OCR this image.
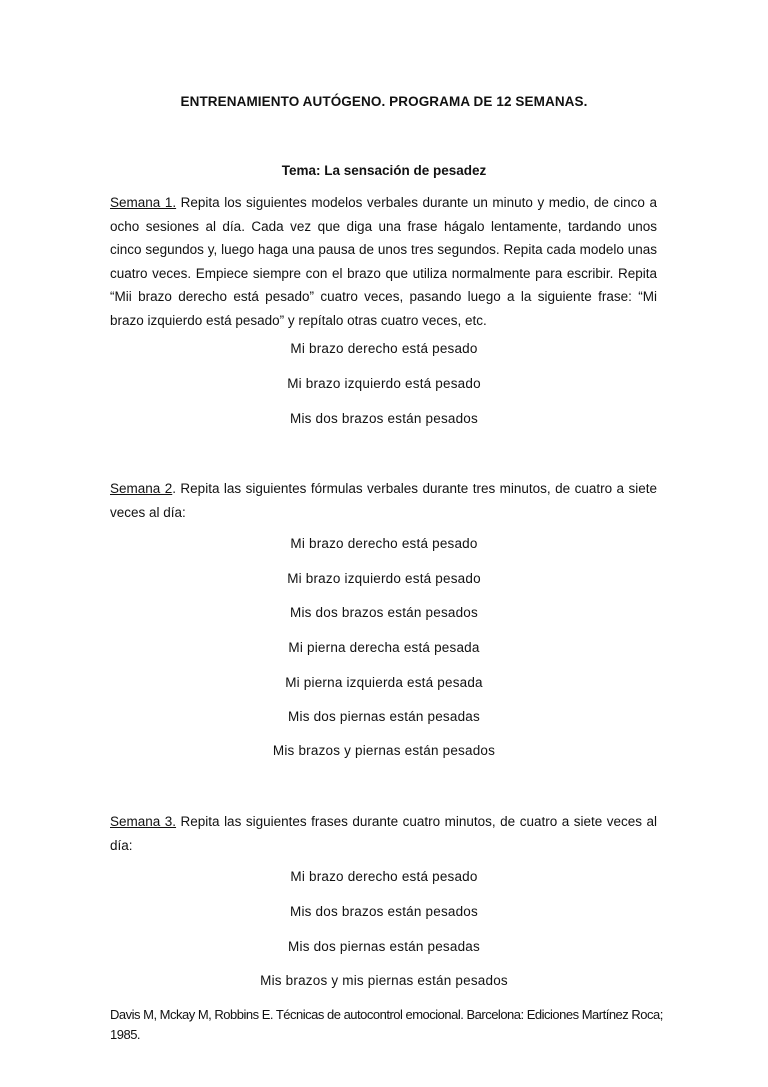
ENTRENAMIENTO AUTÓGENO. PROGRAMA DE 12 SEMANAS.
Tema: La sensación de pesadez
Semana 1. Repita los siguientes modelos verbales durante un minuto y medio, de cinco a ocho sesiones al día. Cada vez que diga una frase hágalo lentamente, tardando unos cinco segundos y, luego haga una pausa de unos tres segundos. Repita cada modelo unas cuatro veces. Empiece siempre con el brazo que utiliza normalmente para escribir. Repita “Mii brazo derecho está pesado” cuatro veces, pasando luego a la siguiente frase: “Mi brazo izquierdo está pesado” y repítalo otras cuatro veces, etc.
Mi brazo derecho está pesado
Mi brazo izquierdo está pesado
Mis dos brazos están pesados
Semana 2. Repita las siguientes fórmulas verbales durante tres minutos, de cuatro a siete veces al día:
Mi brazo derecho está pesado
Mi brazo izquierdo está pesado
Mis dos brazos están pesados
Mi pierna derecha está pesada
Mi pierna izquierda está pesada
Mis dos piernas están pesadas
Mis brazos y piernas están pesados
Semana 3. Repita las siguientes frases durante cuatro minutos, de cuatro a siete veces al día:
Mi brazo derecho está pesado
Mis dos brazos están pesados
Mis dos piernas están pesadas
Mis brazos y mis piernas están pesados
Davis M, Mckay M, Robbins E. Técnicas de autocontrol emocional. Barcelona: Ediciones Martínez Roca; 1985.
